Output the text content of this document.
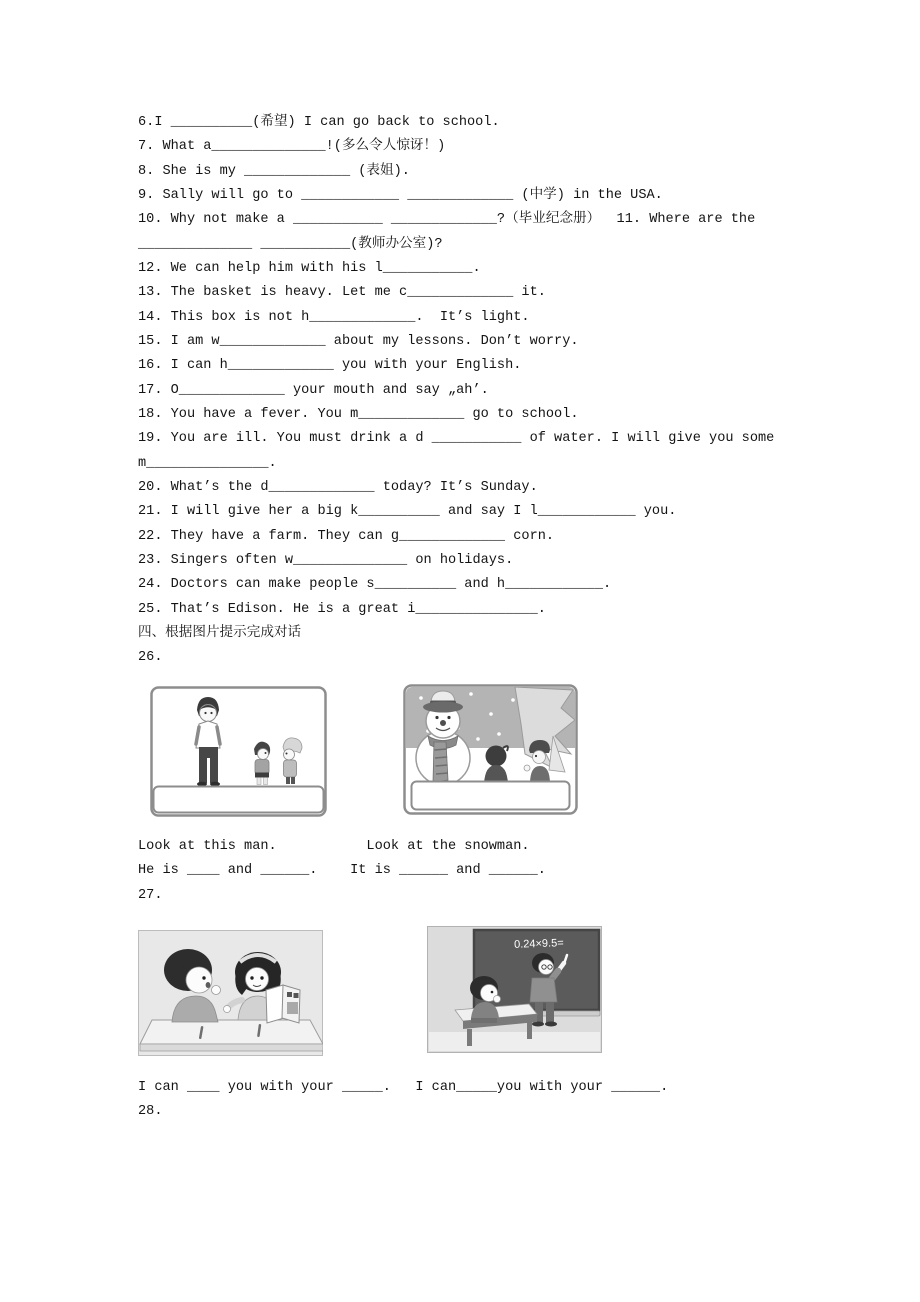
6.I __________(希望) I can go back to school.
7. What a______________!(多么令人惊讶！)
8. She is my _____________ (表姐).
9. Sally will go to ____________ _____________ (中学) in the USA.
10. Why not make a ___________ _____________?（毕业纪念册）  11. Where are the
______________ ___________(教师办公室)?
12. We can help him with his l___________.
13. The basket is heavy. Let me c_____________ it.
14. This box is not h_____________.  It’s light.
15. I am w_____________ about my lessons. Don’t worry.
16. I can h_____________ you with your English.
17. O_____________ your mouth and say „ah’.
18. You have a fever. You m_____________ go to school.
19. You are ill. You must drink a d ___________ of water. I will give you some
m_______________.
20. What’s the d_____________ today? It’s Sunday.
21. I will give her a big k__________ and say I l____________ you.
22. They have a farm. They can g_____________ corn.
23. Singers often w______________ on holidays.
24. Doctors can make people s__________ and h____________.
25. That’s Edison. He is a great i_______________.
四、根据图片提示完成对话
26.
Look at this man.           Look at the snowman.
He is ____ and ______.    It is ______ and ______.
27.
0.24×9.5=
I can ____ you with your _____.   I can_____you with your ______.
28.
